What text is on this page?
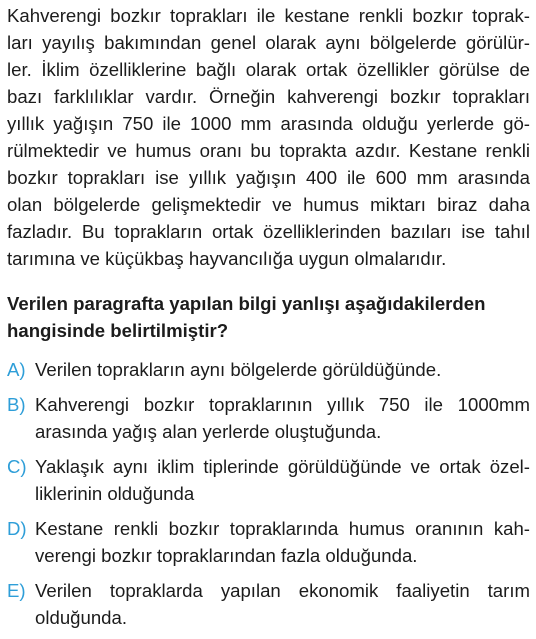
Kahverengi bozkır toprakları ile kestane renkli bozkır toprak-
ları yayılış bakımından genel olarak aynı bölgelerde görülür-
ler. İklim özelliklerine bağlı olarak ortak özellikler görülse de
bazı farklılıklar vardır. Örneğin kahverengi bozkır toprakları
yıllık yağışın 750 ile 1000 mm arasında olduğu yerlerde gö-
rülmektedir ve humus oranı bu toprakta azdır. Kestane renkli
bozkır toprakları ise yıllık yağışın 400 ile 600 mm arasında
olan bölgelerde gelişmektedir ve humus miktarı biraz daha
fazladır. Bu toprakların ortak özelliklerinden bazıları ise tahıl
tarımına ve küçükbaş hayvancılığa uygun olmalarıdır.

Verilen paragrafta yapılan bilgi yanlışı aşağıdakilerden
hangisinde belirtilmiştir?
A) Verilen toprakların aynı bölgelerde görüldüğünde.
B) Kahverengi bozkır topraklarının yıllık 750 ile 1000mm
arasında yağış alan yerlerde oluştuğunda.
C) Yaklaşık aynı iklim tiplerinde görüldüğünde ve ortak özel-
liklerinin olduğunda
D) Kestane renkli bozkır topraklarında humus oranının kah-
verengi bozkır topraklarından fazla olduğunda.
E) Verilen topraklarda yapılan ekonomik faaliyetin tarım
olduğunda.
